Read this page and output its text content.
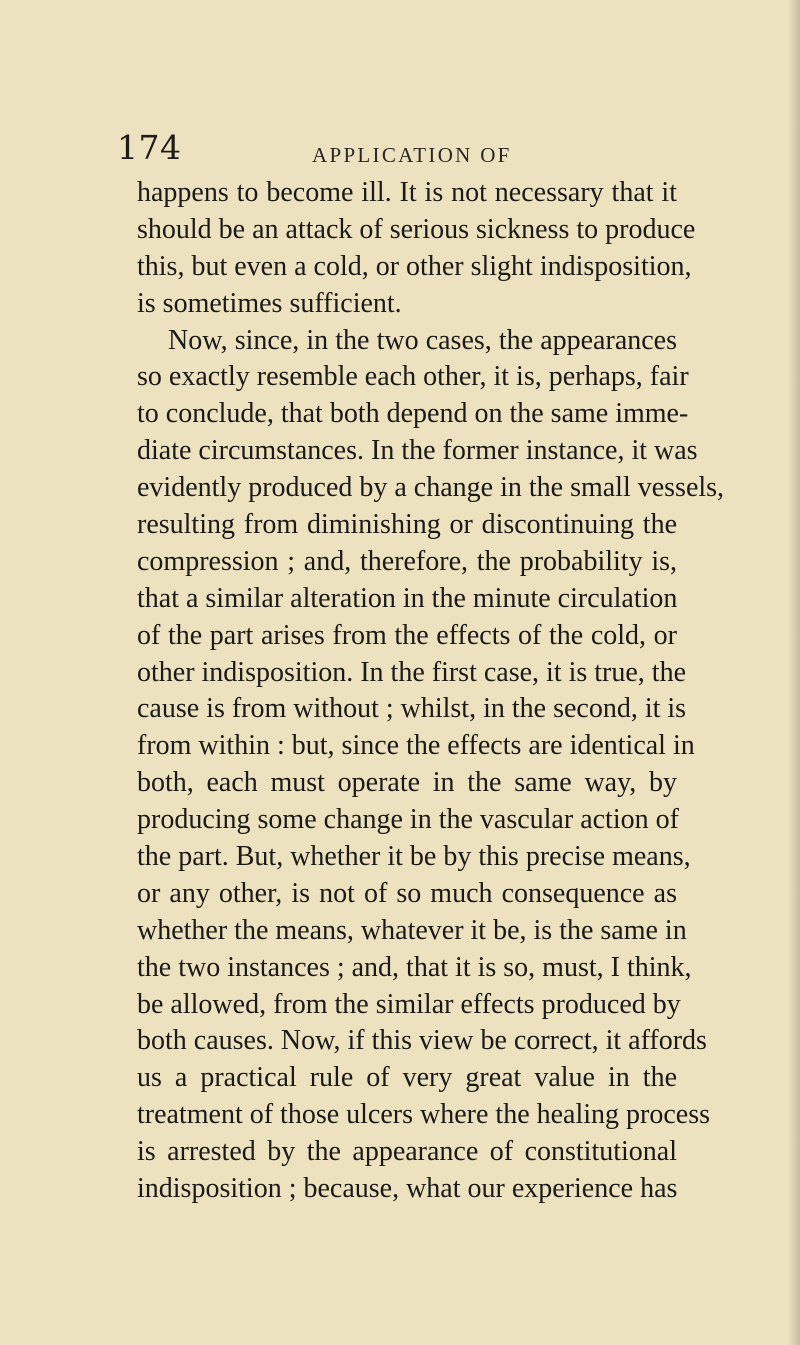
174	APPLICATION OF
happens to become ill. It is not necessary that it
should be an attack of serious sickness to produce
this, but even a cold, or other slight indisposition,
is sometimes sufficient.
Now, since, in the two cases, the appearances
so exactly resemble each other, it is, perhaps, fair
to conclude, that both depend on the same imme-
diate circumstances. In the former instance, it was
evidently produced by a change in the small vessels,
resulting from diminishing or discontinuing the
compression ; and, therefore, the probability is,
that a similar alteration in the minute circulation
of the part arises from the effects of the cold, or
other indisposition. In the first case, it is true, the
cause is from without ; whilst, in the second, it is
from within : but, since the effects are identical in
both, each must operate in the same way, by
producing some change in the vascular action of
the part. But, whether it be by this precise means,
or any other, is not of so much consequence as
whether the means, whatever it be, is the same in
the two instances ; and, that it is so, must, I think,
be allowed, from the similar effects produced by
both causes. Now, if this view be correct, it affords
us a practical rule of very great value in the
treatment of those ulcers where the healing process
is arrested by the appearance of constitutional
indisposition ; because, what our experience has
